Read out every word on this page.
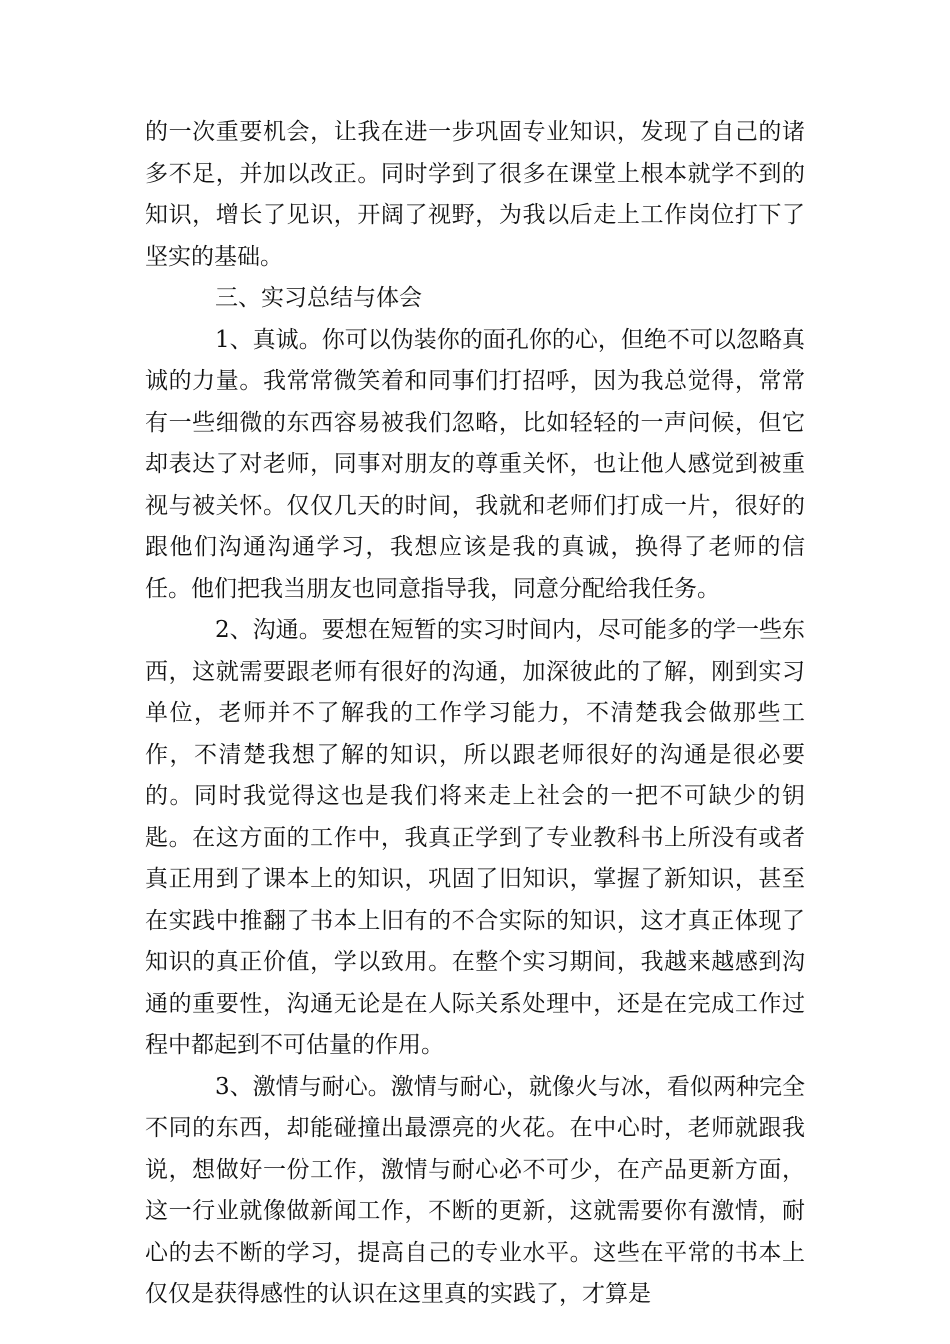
的一次重要机会，让我在进一步巩固专业知识，发现了自己的诸多不足，并加以改正。同时学到了很多在课堂上根本就学不到的知识，增长了见识，开阔了视野，为我以后走上工作岗位打下了坚实的基础。

三、实习总结与体会

1、真诚。你可以伪装你的面孔你的心，但绝不可以忽略真诚的力量。我常常微笑着和同事们打招呼，因为我总觉得，常常有一些细微的东西容易被我们忽略，比如轻轻的一声问候，但它却表达了对老师，同事对朋友的尊重关怀，也让他人感觉到被重视与被关怀。仅仅几天的时间，我就和老师们打成一片，很好的跟他们沟通沟通学习，我想应该是我的真诚，换得了老师的信任。他们把我当朋友也同意指导我，同意分配给我任务。

2、沟通。要想在短暂的实习时间内，尽可能多的学一些东西，这就需要跟老师有很好的沟通，加深彼此的了解，刚到实习单位，老师并不了解我的工作学习能力，不清楚我会做那些工作，不清楚我想了解的知识，所以跟老师很好的沟通是很必要的。同时我觉得这也是我们将来走上社会的一把不可缺少的钥匙。在这方面的工作中，我真正学到了专业教科书上所没有或者真正用到了课本上的知识，巩固了旧知识，掌握了新知识，甚至在实践中推翻了书本上旧有的不合实际的知识，这才真正体现了知识的真正价值，学以致用。在整个实习期间，我越来越感到沟通的重要性，沟通无论是在人际关系处理中，还是在完成工作过程中都起到不可估量的作用。

3、激情与耐心。激情与耐心，就像火与冰，看似两种完全不同的东西，却能碰撞出最漂亮的火花。在中心时，老师就跟我说，想做好一份工作，激情与耐心必不可少，在产品更新方面，这一行业就像做新闻工作，不断的更新，这就需要你有激情，耐心的去不断的学习，提高自己的专业水平。这些在平常的书本上仅仅是获得感性的认识在这里真的实践了，才算是
